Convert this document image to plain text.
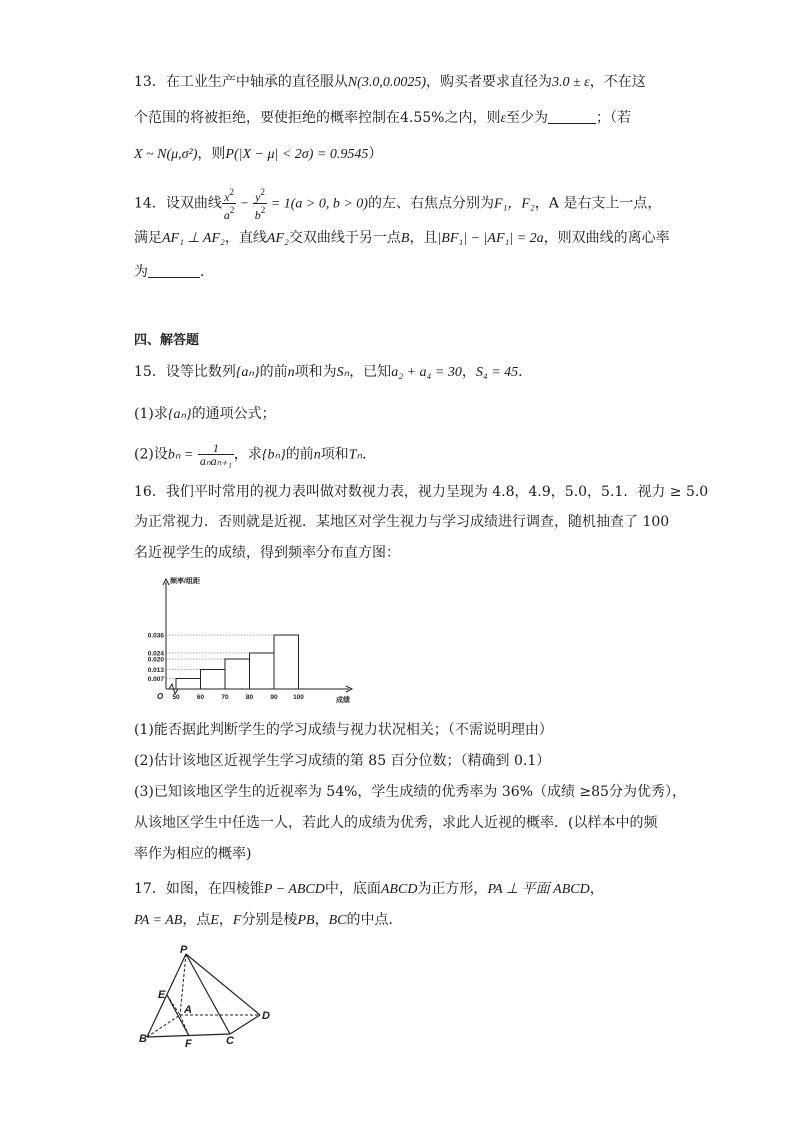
13．在工业生产中轴承的直径服从N(3.0,0.0025)，购买者要求直径为3.0 ± ε，不在这
个范围的将被拒绝，要使拒绝的概率控制在4.55%之内，则ε至少为	；（若
X ~ N(μ,σ²)，则P(|X − μ| < 2σ) = 0.9545）
14．设双曲线 $\frac{x^2}{a^2} - \frac{y^2}{b^2} = 1(a > 0$, b > 0)的左、右焦点分别为F₁，F₂，A 是右支上一点，
满足AF₁ ⊥ AF₂，直线AF₂交双曲线于另一点B，且|BF₁| − |AF₁| = 2a，则双曲线的离心率
为	．
四、解答题
15．设等比数列{aₙ}的前n项和为Sₙ，已知a₂ + a₄ = 30，S₄ = 45．
(1)求{aₙ}的通项公式；
(2)设$b_n = \frac{1}{\text{aₙaₙ₊₁}}$ ，求{bₙ}的前n项和Tₙ．
16．我们平时常用的视力表叫做对数视力表，视力呈现为 4.8，4.9，5.0，5.1．视力 ≥ 5.0
为正常视力．否则就是近视．某地区对学生视力与学习成绩进行调查，随机抽查了 100
名近视学生的成绩，得到频率分布直方图：
频率/组距
成绩
O
0.007
0.013
0.020
0.024
0.036
50	60	70	80	90 100
(1)能否据此判断学生的学习成绩与视力状况相关；（不需说明理由）
(2)估计该地区近视学生学习成绩的第 85 百分位数；（精确到 0.1）
(3)已知该地区学生的近视率为 54%，学生成绩的优秀率为 36%（成绩 ≥85分为优秀），
从该地区学生中任选一人，若此人的成绩为优秀，求此人近视的概率．(以样本中的频
率作为相应的概率)
17．如图，在四棱锥P − ABCD中，底面ABCD为正方形，PA ⊥ 平面 ABCD，
PA = AB，点E，F分别是棱PB，BC的中点．
P
E
A	D
B	F	C
